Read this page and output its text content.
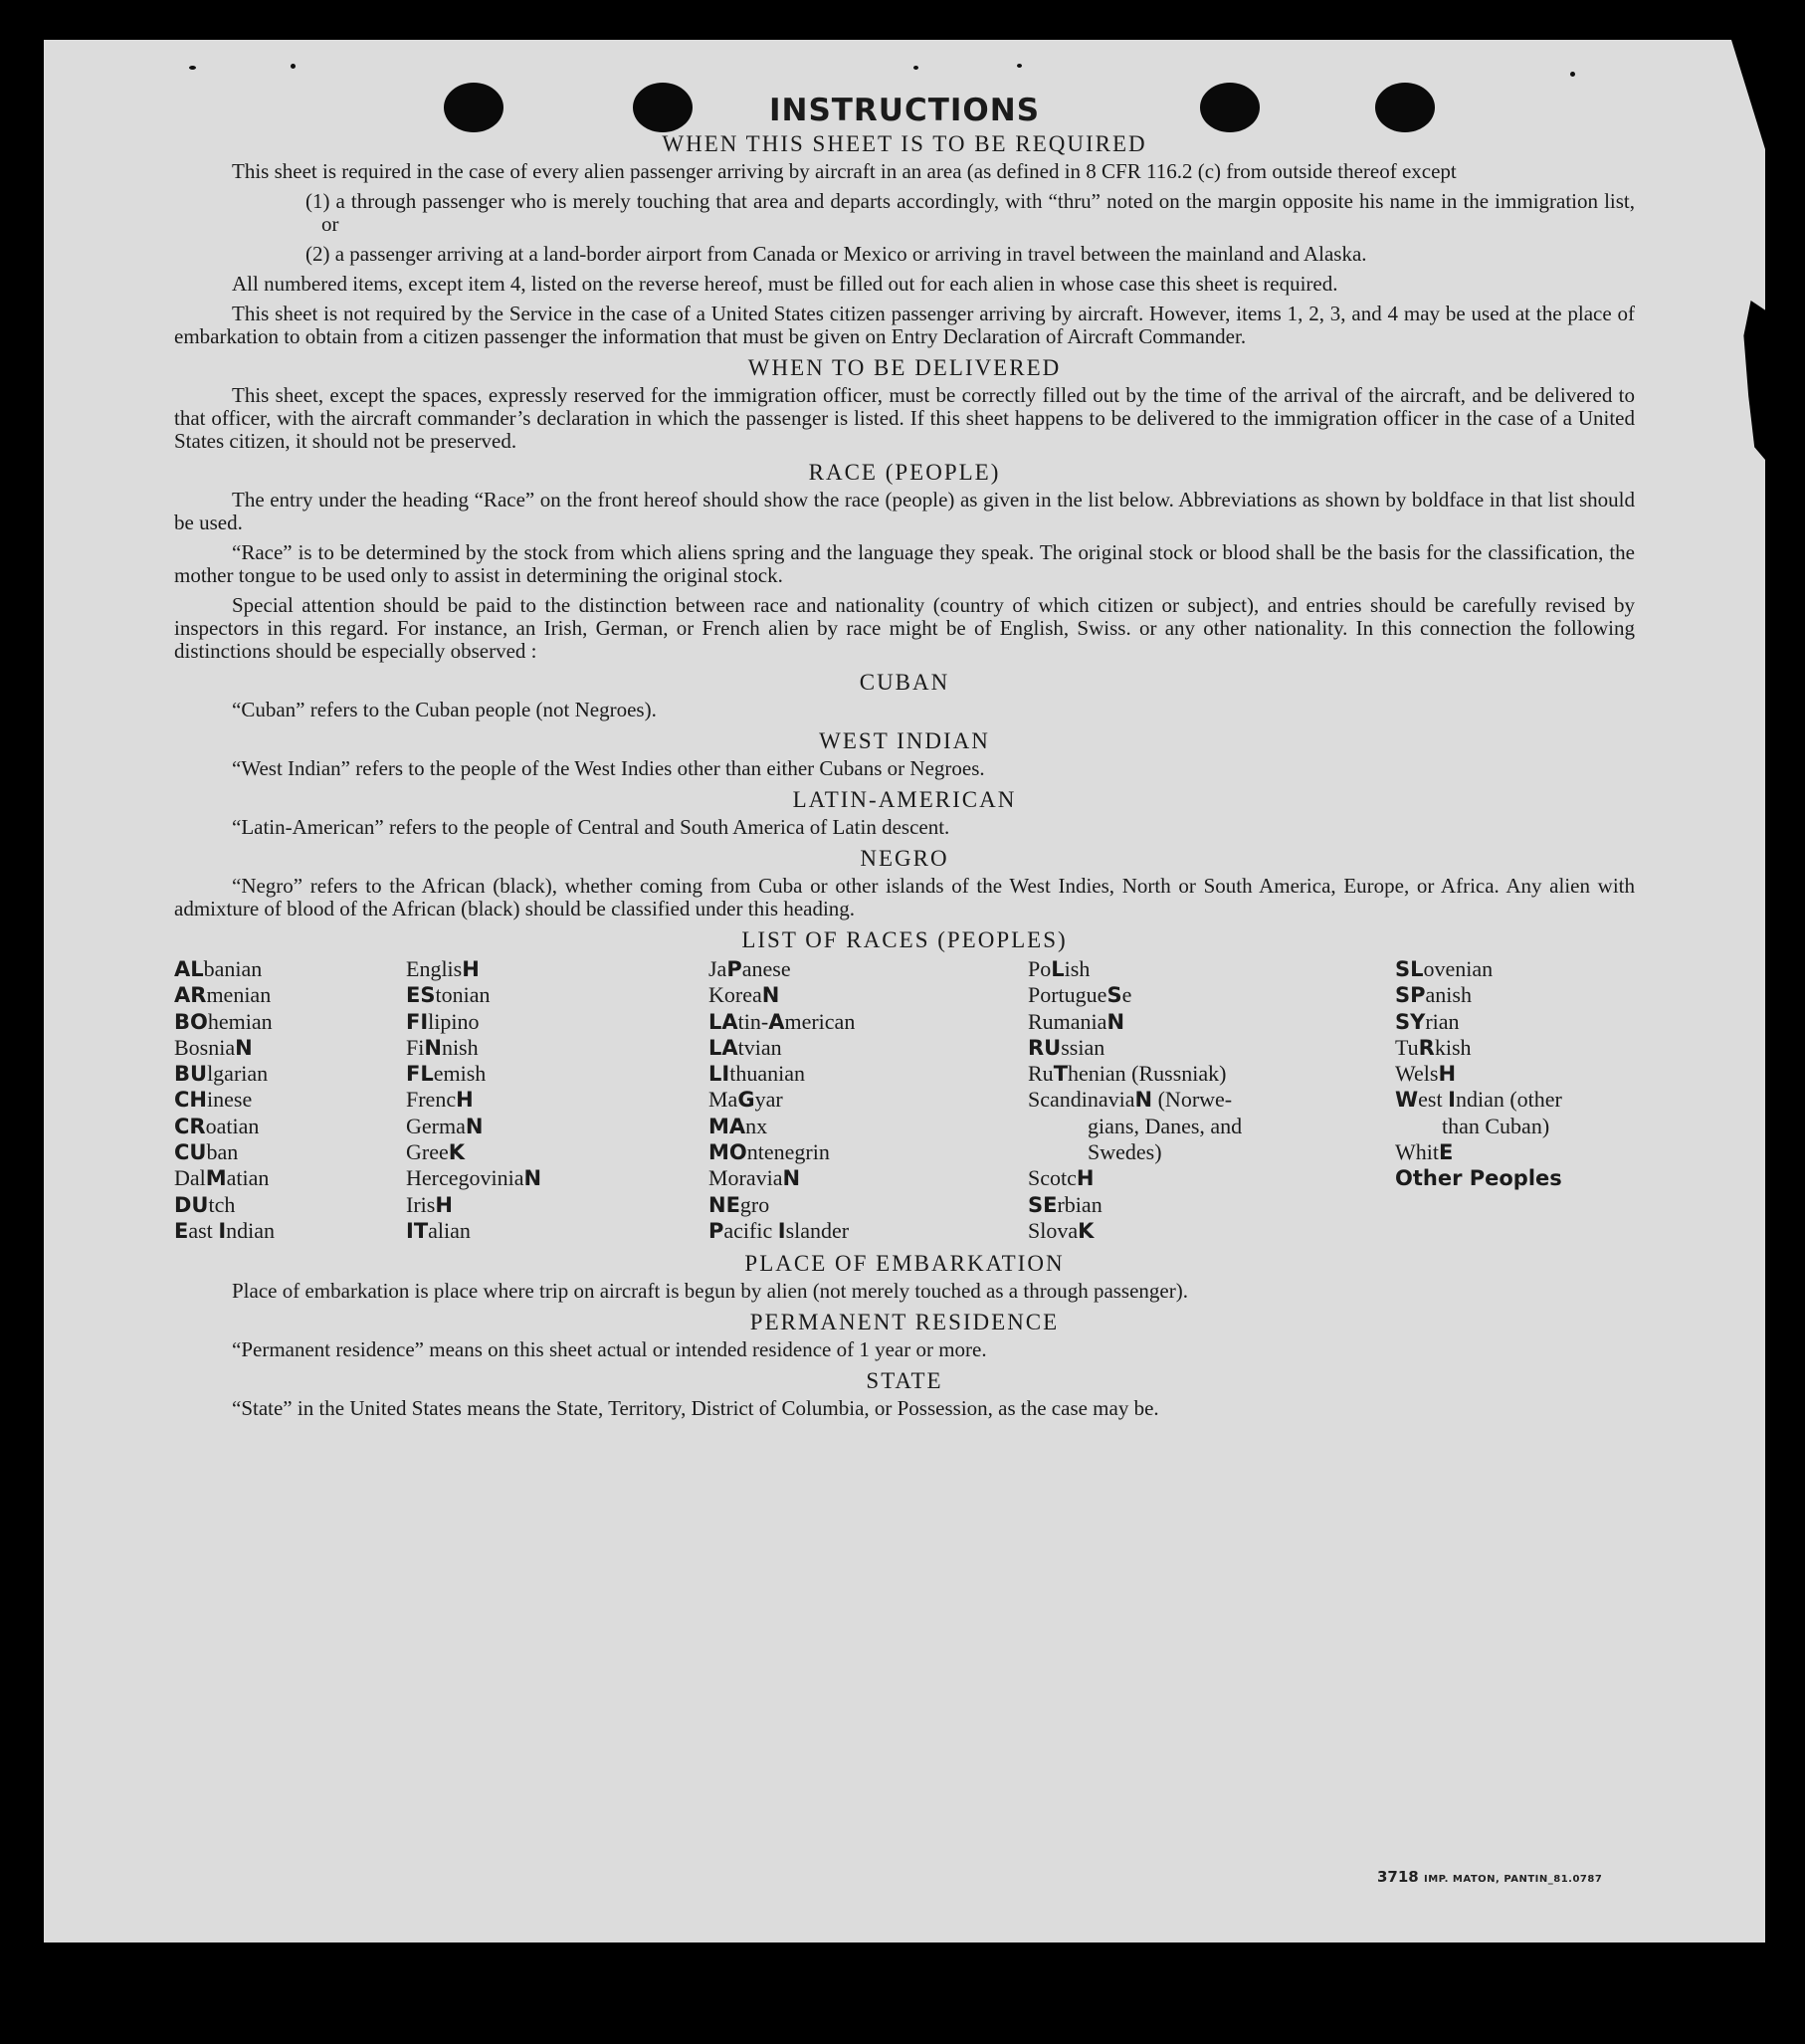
INSTRUCTIONS
WHEN THIS SHEET IS TO BE REQUIRED

This sheet is required in the case of every alien passenger arriving by aircraft in an area (as defined in 8 CFR 116.2 (c) from outside thereof except

(1) a through passenger who is merely touching that area and departs accordingly, with “thru” noted on the margin opposite his name in the immigration list, or
(2) a passenger arriving at a land-border airport from Canada or Mexico or arriving in travel between the mainland and Alaska.

All numbered items, except item 4, listed on the reverse hereof, must be filled out for each alien in whose case this sheet is required.

This sheet is not required by the Service in the case of a United States citizen passenger arriving by aircraft. However, items 1, 2, 3, and 4 may be used at the place of embarkation to obtain from a citizen passenger the information that must be given on Entry Declaration of Aircraft Commander.

WHEN TO BE DELIVERED

This sheet, except the spaces, expressly reserved for the immigration officer, must be correctly filled out by the time of the arrival of the aircraft, and be delivered to that officer, with the aircraft commander’s declaration in which the passenger is listed. If this sheet happens to be delivered to the immigration officer in the case of a United States citizen, it should not be preserved.

RACE (PEOPLE)

The entry under the heading “Race” on the front hereof should show the race (people) as given in the list below. Abbreviations as shown by boldface in that list should be used.

“Race” is to be determined by the stock from which aliens spring and the language they speak. The original stock or blood shall be the basis for the classification, the mother tongue to be used only to assist in determining the original stock.

Special attention should be paid to the distinction between race and nationality (country of which citizen or subject), and entries should be carefully revised by inspectors in this regard. For instance, an Irish, German, or French alien by race might be of English, Swiss. or any other nationality. In this connection the following distinctions should be especially observed :

CUBAN
“Cuban” refers to the Cuban people (not Negroes).
WEST INDIAN
“West Indian” refers to the people of the West Indies other than either Cubans or Negroes.
LATIN-AMERICAN
“Latin-American” refers to the people of Central and South America of Latin descent.
NEGRO

“Negro” refers to the African (black), whether coming from Cuba or other islands of the West Indies, North or South America, Europe, or Africa. Any alien with admixture of blood of the African (black) should be classified under this heading.

LIST OF RACES (PEOPLES)
ALbanian
ARmenian
BOhemian
BosniaN
BUlgarian
CHinese
CRoatian
CUban
DalMatian
DUtch
East Indian
EnglisH
EStonian
FIlipino
FiNnish
FLemish
FrencH
GermaN
GreeK
HercegoviniaN
IrisH
ITalian
JaPanese
KoreaN
LAtin-American
LAtvian
LIthuanian
MaGyar
MAnx
MOntenegrin
MoraviaN
NEgro
Pacific Islander
PoLish
PortugueSe
RumaniaN
RUssian
RuThenian (Russniak)
ScandinaviaN (Norwe-
gians, Danes, and
Swedes)
ScotcH
SErbian
SlovaK
SLovenian
SPanish
SYrian
TuRkish
WelsH
West Indian (other
than Cuban)
WhitE
Other Peoples
PLACE OF EMBARKATION

Place of embarkation is place where trip on aircraft is begun by alien (not merely touched as a through passenger).

PERMANENT RESIDENCE
“Permanent residence” means on this sheet actual or intended residence of 1 year or more.
STATE
“State” in the United States means the State, Territory, District of Columbia, or Possession, as the case may be.
3718 IMP. MATON, PANTIN_81.0787
